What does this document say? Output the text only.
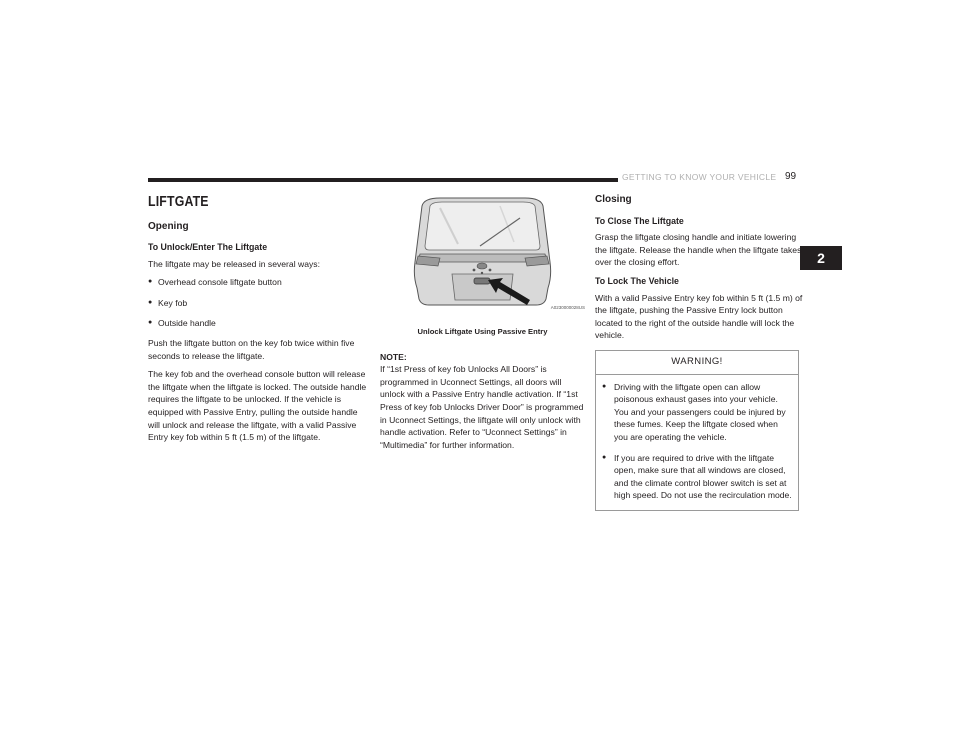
GETTING TO KNOW YOUR VEHICLE 99
2
LIFTGATE
Opening
To Unlock/Enter The Liftgate

The liftgate may be released in several ways:

● Overhead console liftgate button
● Key fob
● Outside handle

Push the liftgate button on the key fob twice within five seconds to release the liftgate.

The key fob and the overhead console button will release the liftgate when the liftgate is locked. The outside handle requires the liftgate to be unlocked. If the vehicle is equipped with Passive Entry, pulling the outside handle will unlock and release the liftgate, with a valid Passive Entry key fob within 5 ft (1.5 m) of the liftgate.

A0230000028US
Unlock Liftgate Using Passive Entry

NOTE:

If “1st Press of key fob Unlocks All Doors” is programmed in Uconnect Settings, all doors will unlock with a Passive Entry handle activation. If “1st Press of key fob Unlocks Driver Door” is programmed in Uconnect Settings, the liftgate will only unlock with handle activation. Refer to “Uconnect Settings” in “Multimedia” for further information.

Closing
To Close The Liftgate

Grasp the liftgate closing handle and initiate lowering the liftgate. Release the handle when the liftgate takes over the closing effort.

To Lock The Vehicle

With a valid Passive Entry key fob within 5 ft (1.5 m) of the liftgate, pushing the Passive Entry lock button located to the right of the outside handle will lock the vehicle.

WARNING!
● Driving with the liftgate open can allow poisonous exhaust gases into your vehicle. You and your passengers could be injured by these fumes. Keep the liftgate closed when you are operating the vehicle.
● If you are required to drive with the liftgate open, make sure that all windows are closed, and the climate control blower switch is set at high speed. Do not use the recirculation mode.
